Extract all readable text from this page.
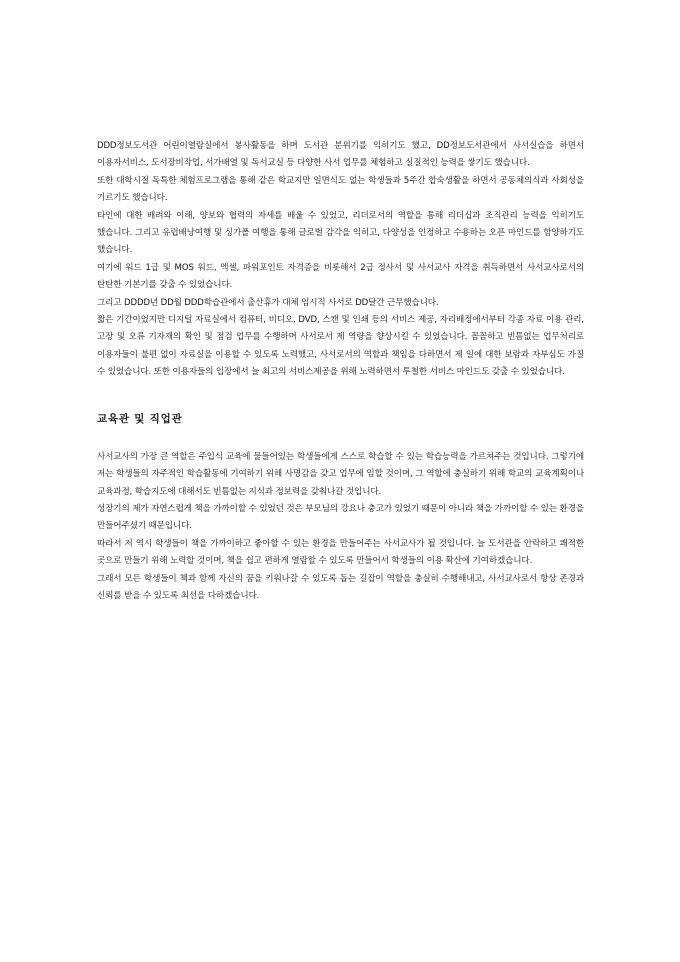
DDD정보도서관 어린이열람실에서 봉사활동을 하며 도서관 분위기를 익히기도 했고, DD정보도서관에서 사서실습을 하면서 이용자서비스, 도서장비작업, 서가배열 및 독서교실 등 다양한 사서 업무를 체험하고 실질적인 능력을 쌓기도 했습니다.

또한 대학시절 독특한 체험프로그램을 통해 같은 학교지만 일면식도 없는 학생들과 5주간 합숙생활을 하면서 공동체의식과 사회성을 기르기도 했습니다.

타인에 대한 배려와 이해, 양보와 협력의 자세를 배울 수 있었고, 리더로서의 역할을 통해 리더십과 조직관리 능력을 익히기도 했습니다. 그리고 유럽배낭여행 및 싱가폴 여행을 통해 글로벌 감각을 익히고, 다양성을 인정하고 수용하는 오픈 마인드를 함양하기도 했습니다.

여기에 워드 1급 및 MOS 워드, 엑셀, 파워포인트 자격증을 비롯해서 2급 정사서 및 사서교사 자격을 취득하면서 사서교사로서의 탄탄한 기본기를 갖출 수 있었습니다.

그리고 DDDD년 DD월 DDD학습관에서 출산휴가 대체 임시직 사서로 DD달간 근무했습니다.

짧은 기간이었지만 디지털 자료실에서 컴퓨터, 비디오, DVD, 스캔 및 인쇄 등의 서비스 제공, 자리배정에서부터 각종 자료 이용 관리, 고장 및 오류 기자재의 확인 및 점검 업무를 수행하며 사서로서 제 역량을 향상시킬 수 있었습니다. 꼼꼼하고 빈틈없는 업무처리로 이용자들이 불편 없이 자료실을 이용할 수 있도록 노력했고, 사서로서의 역할과 책임을 다하면서 제 일에 대한 보람과 자부심도 가질 수 있었습니다. 또한 이용자들의 입장에서 늘 최고의 서비스제공을 위해 노력하면서 투철한 서비스 마인드도 갖출 수 있었습니다.

교육관 및 직업관

사서교사의 가장 큰 역할은 주입식 교육에 물들어있는 학생들에게 스스로 학습할 수 있는 학습능력을 가르쳐주는 것입니다. 그렇기에 저는 학생들의 자주적인 학습활동에 기여하기 위해 사명감을 갖고 업무에 임할 것이며, 그 역할에 충실하기 위해 학교의 교육계획이나 교육과정, 학습지도에 대해서도 빈틈없는 지식과 정보력을 갖춰나갈 것입니다.

성장기의 제가 자연스럽게 책을 가까이할 수 있었던 것은 부모님의 강요나 충고가 있었기 때문이 아니라 책을 가까이할 수 있는 환경을 만들어주셨기 때문입니다.

따라서 저 역시 학생들이 책을 가까이하고 좋아할 수 있는 환경을 만들어주는 사서교사가 될 것입니다. 늘 도서관을 안락하고 쾌적한 곳으로 만들기 위해 노력할 것이며, 책을 쉽고 편하게 열람할 수 있도록 만들어서 학생들의 이용 확산에 기여하겠습니다.

그래서 모든 학생들이 책과 함께 자신의 꿈을 키워나갈 수 있도록 돕는 길잡이 역할을 충실히 수행해내고, 사서교사로서 항상 존경과 신뢰를 받을 수 있도록 최선을 다하겠습니다.
